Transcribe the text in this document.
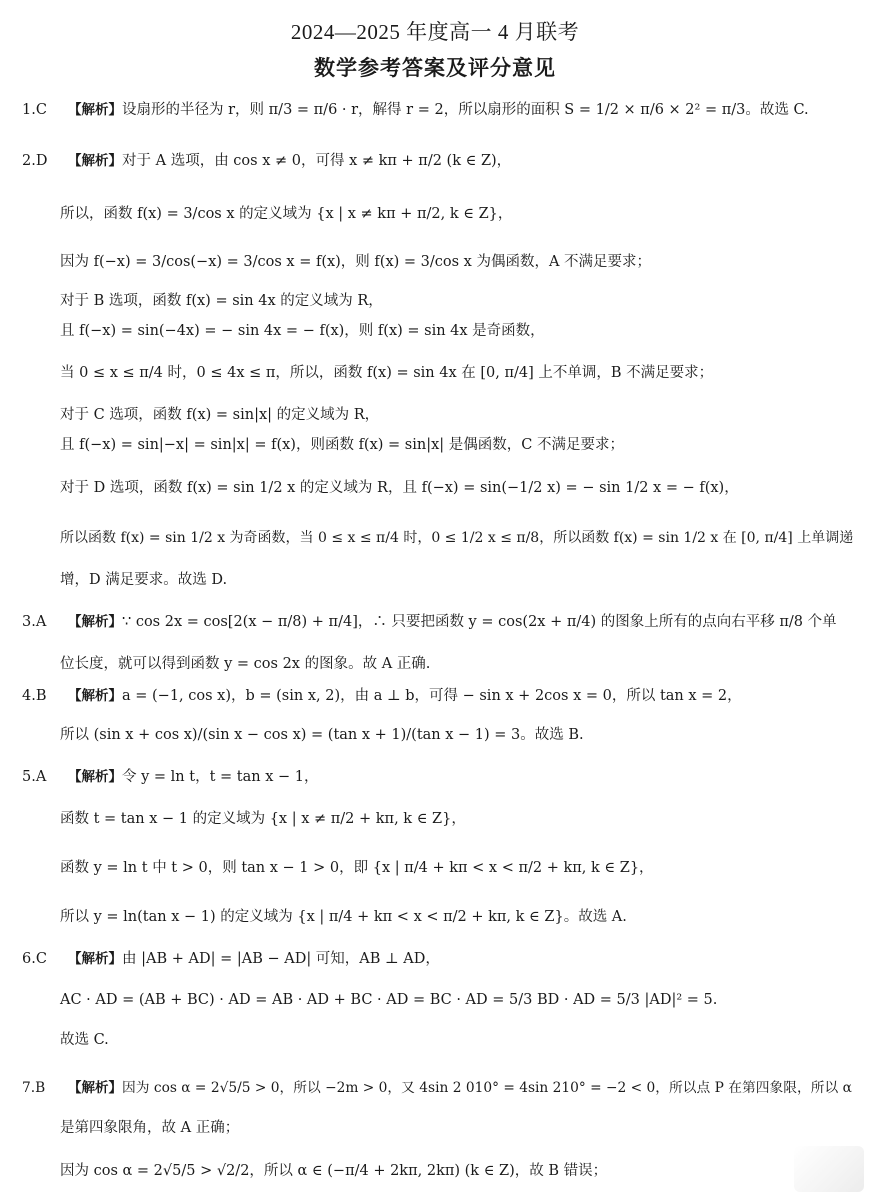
2024—2025 年度高一 4 月联考
数学参考答案及评分意见
1.C 【解析】设扇形的半径为 r，则 π/3 = π/6 · r，解得 r = 2，所以扇形的面积 S = 1/2 × π/6 × 2² = π/3。故选 C.
2.D 【解析】对于 A 选项，由 cos x ≠ 0，可得 x ≠ kπ + π/2 (k ∈ Z)，
所以，函数 f(x) = 3/cos x 的定义域为 {x | x ≠ kπ + π/2, k ∈ Z}，
因为 f(−x) = 3/cos(−x) = 3/cos x = f(x)，则 f(x) = 3/cos x 为偶函数，A 不满足要求；
对于 B 选项，函数 f(x) = sin 4x 的定义域为 R，
且 f(−x) = sin(−4x) = − sin 4x = − f(x)，则 f(x) = sin 4x 是奇函数，
当 0 ≤ x ≤ π/4 时，0 ≤ 4x ≤ π，所以，函数 f(x) = sin 4x 在 [0, π/4] 上不单调，B 不满足要求；
对于 C 选项，函数 f(x) = sin|x| 的定义域为 R，
且 f(−x) = sin|−x| = sin|x| = f(x)，则函数 f(x) = sin|x| 是偶函数，C 不满足要求；
对于 D 选项，函数 f(x) = sin 1/2 x 的定义域为 R，且 f(−x) = sin(−1/2 x) = − sin 1/2 x = − f(x)，
所以函数 f(x) = sin 1/2 x 为奇函数，当 0 ≤ x ≤ π/4 时，0 ≤ 1/2 x ≤ π/8，所以函数 f(x) = sin 1/2 x 在 [0, π/4] 上单调递
增，D 满足要求。故选 D.
3.A 【解析】∵ cos 2x = cos[2(x − π/8) + π/4]，∴ 只要把函数 y = cos(2x + π/4) 的图象上所有的点向右平移 π/8 个单
位长度，就可以得到函数 y = cos 2x 的图象。故 A 正确.
4.B 【解析】a = (−1, cos x)，b = (sin x, 2)，由 a ⊥ b，可得 − sin x + 2cos x = 0，所以 tan x = 2，
所以 (sin x + cos x)/(sin x − cos x) = (tan x + 1)/(tan x − 1) = 3。故选 B.
5.A 【解析】令 y = ln t，t = tan x − 1，
函数 t = tan x − 1 的定义域为 {x | x ≠ π/2 + kπ, k ∈ Z}，
函数 y = ln t 中 t > 0，则 tan x − 1 > 0，即 {x | π/4 + kπ < x < π/2 + kπ, k ∈ Z}，
所以 y = ln(tan x − 1) 的定义域为 {x | π/4 + kπ < x < π/2 + kπ, k ∈ Z}。故选 A.
6.C 【解析】由 |AB + AD| = |AB − AD| 可知，AB ⊥ AD，
AC · AD = (AB + BC) · AD = AB · AD + BC · AD = BC · AD = 5/3 BD · AD = 5/3 |AD|² = 5.
故选 C.
7.B 【解析】因为 cos α = 2√5/5 > 0，所以 −2m > 0，又 4sin 2 010° = 4sin 210° = −2 < 0，所以点 P 在第四象限，所以 α
是第四象限角，故 A 正确；
因为 cos α = 2√5/5 > √2/2，所以 α ∈ (−π/4 + 2kπ, 2kπ) (k ∈ Z)，故 B 错误；
